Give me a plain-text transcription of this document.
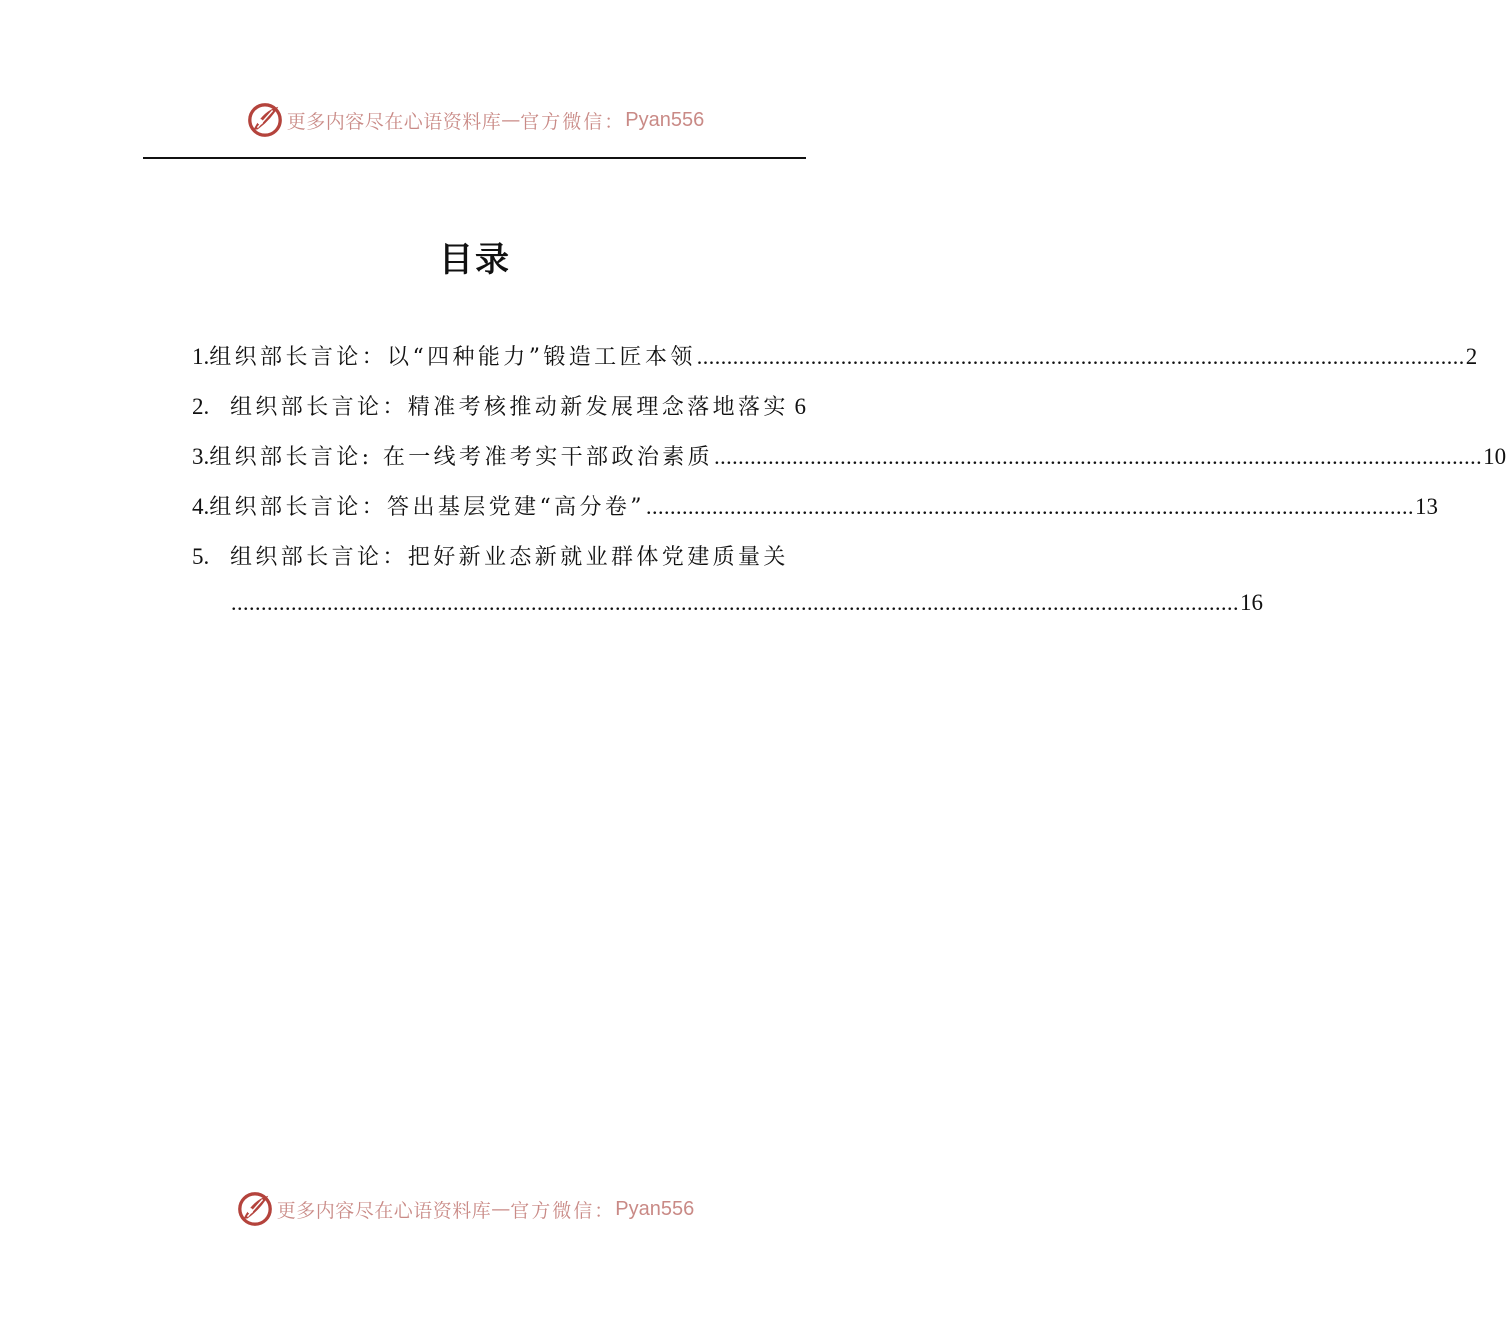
更多内容尽在心语资料库 — 官方微信： Pyan556
目录
1. 组织部长言论：以“四种能力”锻造工匠本领 ................................................................................................................................ 2
2. 组织部长言论：精准考核推动新发展理念落地落实 6
3. 组织部长言论: 在一线考准考实干部政治素质 ................................................................................................................................ 10
4. 组织部长言论：答出基层党建“高分卷” ................................................................................................................................ 13
5. 组织部长言论：把好新业态新就业群体党建质量关
........................................................................................................................................................................ 16
更多内容尽在心语资料库 — 官方微信： Pyan556
